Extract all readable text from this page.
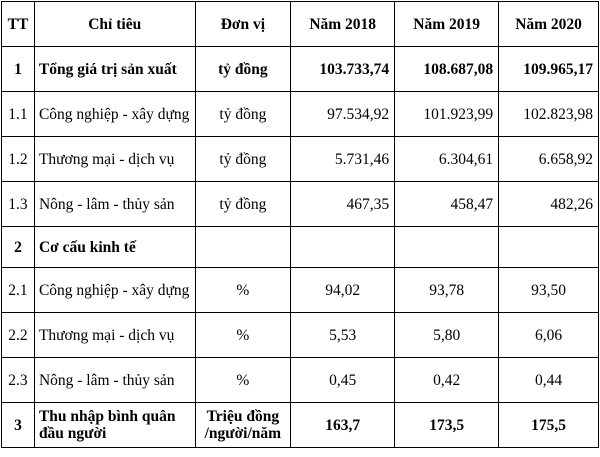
TT	Chỉ tiêu	Đơn vị	Năm 2018	Năm 2019	Năm 2020
1	Tổng giá trị sản xuất	tỷ đồng	103.733,74	108.687,08	109.965,17
1.1	Công nghiệp - xây dựng	tỷ đồng	97.534,92	101.923,99	102.823,98
1.2	Thương mại - dịch vụ	tỷ đồng	5.731,46	6.304,61	6.658,92
1.3	Nông - lâm - thủy sản	tỷ đồng	467,35	458,47	482,26
2	Cơ cấu kinh tế				
2.1	Công nghiệp - xây dựng	%	94,02	93,78	93,50
2.2	Thương mại - dịch vụ	%	5,53	5,80	6,06
2.3	Nông - lâm - thủy sản	%	0,45	0,42	0,44
3	Thu nhập bình quân đầu người	Triệu đồng /người/năm	163,7	173,5	175,5
